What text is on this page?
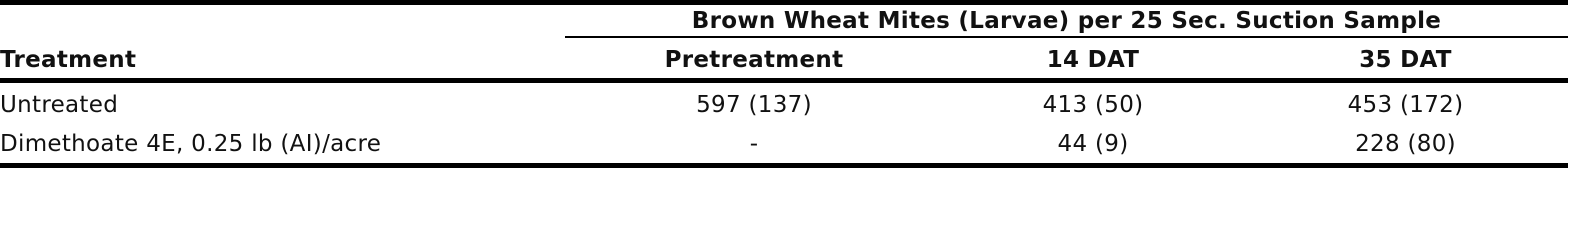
Brown Wheat Mites (Larvae) per 25 Sec. Suction Sample
Treatment	Pretreatment	14 DAT	35 DAT
Untreated	597 (137)	413 (50)	453 (172)
Dimethoate 4E, 0.25 lb (AI)/acre	-	44 (9)	228 (80)
